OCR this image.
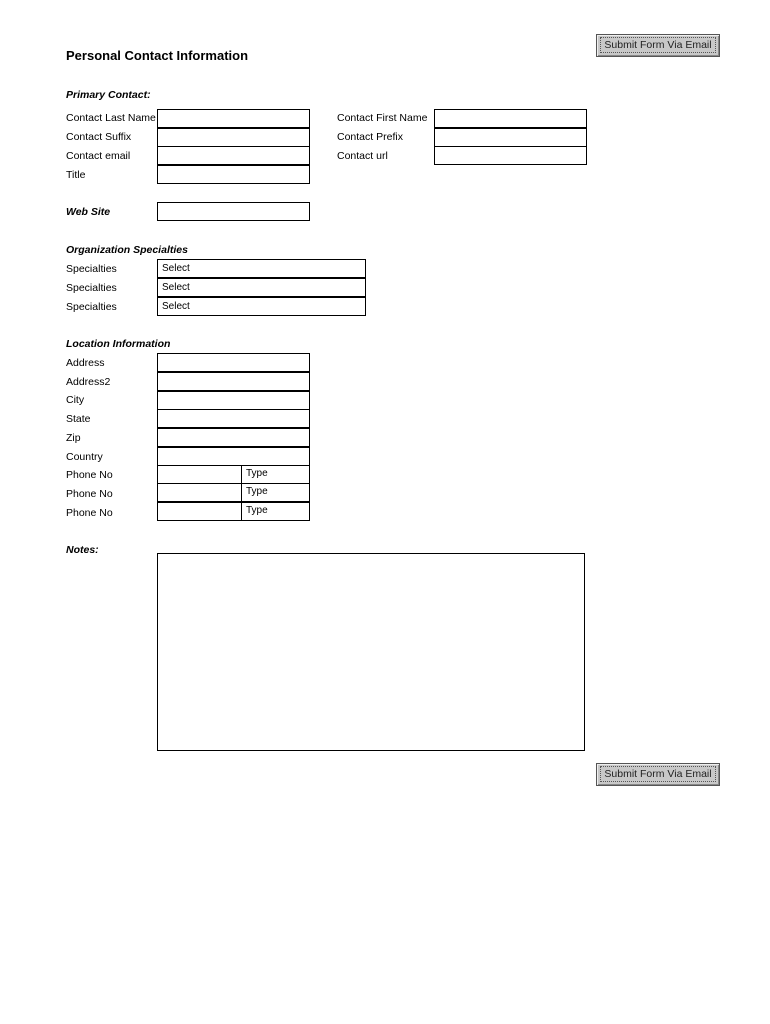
Submit Form Via Email
Personal Contact Information
Primary Contact:
Contact Last Name	Contact First Name
Contact Suffix	Contact Prefix
Contact email	Contact url
Title
Web Site
Organization Specialties
Specialties	Select
Specialties	Select
Specialties	Select
Location Information
Address
Address2
City
State
Zip
Country
Phone No	Type
Phone No	Type
Phone No	Type
Notes:
Submit Form Via Email
